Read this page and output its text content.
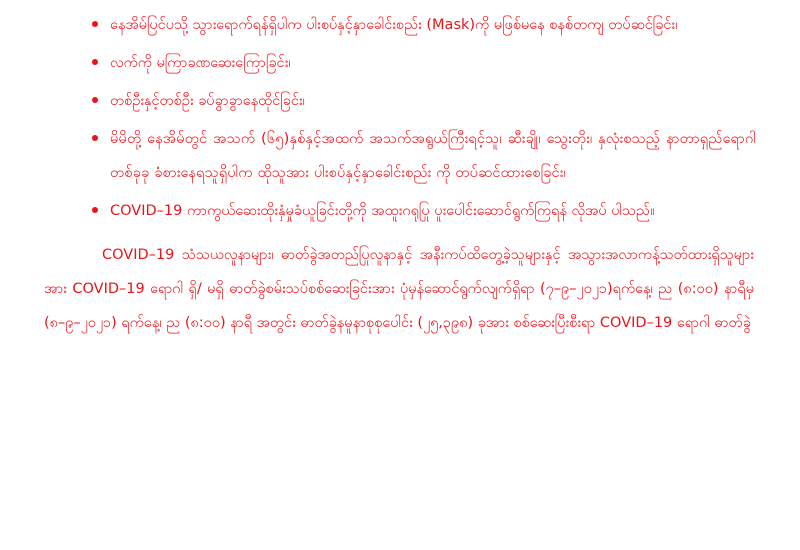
နေအိမ်ပြင်ပသို့ သွားရောက်ရန်ရှိပါက ပါးစပ်နှင့်နှာခေါင်းစည်း (Mask)ကို မဖြစ်မနေ စနစ်တကျ တပ်ဆင်ခြင်း၊
လက်ကို မကြာခဏဆေးကြောခြင်း၊
တစ်ဦးနှင့်တစ်ဦး ခပ်ခွာခွာနေထိုင်ခြင်း၊
မိမိတို့ နေအိမ်တွင် အသက် (၆၅)နှစ်နှင့်အထက် အသက်အရွယ်ကြီးရင့်သူ၊ ဆီးချို၊ သွေးတိုး၊ နှလုံးစသည့် နာတာရှည်ရောဂါတစ်ခုခု ခံစားနေရသူရှိပါက ထိုသူအား ပါးစပ်နှင့်နှာခေါင်းစည်း ကို တပ်ဆင်ထားစေခြင်း၊
COVID–19 ကာကွယ်ဆေးထိုးနှံမှုခံယူခြင်းတို့ကို အထူးဂရုပြု ပူးပေါင်းဆောင်ရွက်ကြရန် လိုအပ် ပါသည်။

COVID–19 သံသယလူနာများ၊ ဓာတ်ခွဲအတည်ပြုလူနာနှင့် အနီးကပ်ထိတွေ့ခဲ့သူများနှင့် အသွားအလာကန့်သတ်ထားရှိသူများအား COVID–19 ရောဂါ ရှိ/ မရှိ ဓာတ်ခွဲစမ်းသပ်စစ်ဆေးခြင်းအား ပုံမှန်ဆောင်ရွက်လျက်ရှိရာ (၇–၉–၂၀၂၁)ရက်နေ့၊ ည (၈:၀၀) နာရီမှ (၈–၉–၂၀၂၁) ရက်နေ့၊ ည (၈:၀၀) နာရီ အတွင်း ဓာတ်ခွဲနမူနာစုစုပေါင်း (၂၅,၃၉၈) ခုအား စစ်ဆေးပြီးစီးရာ COVID–19 ရောဂါ ဓာတ်ခွဲ
